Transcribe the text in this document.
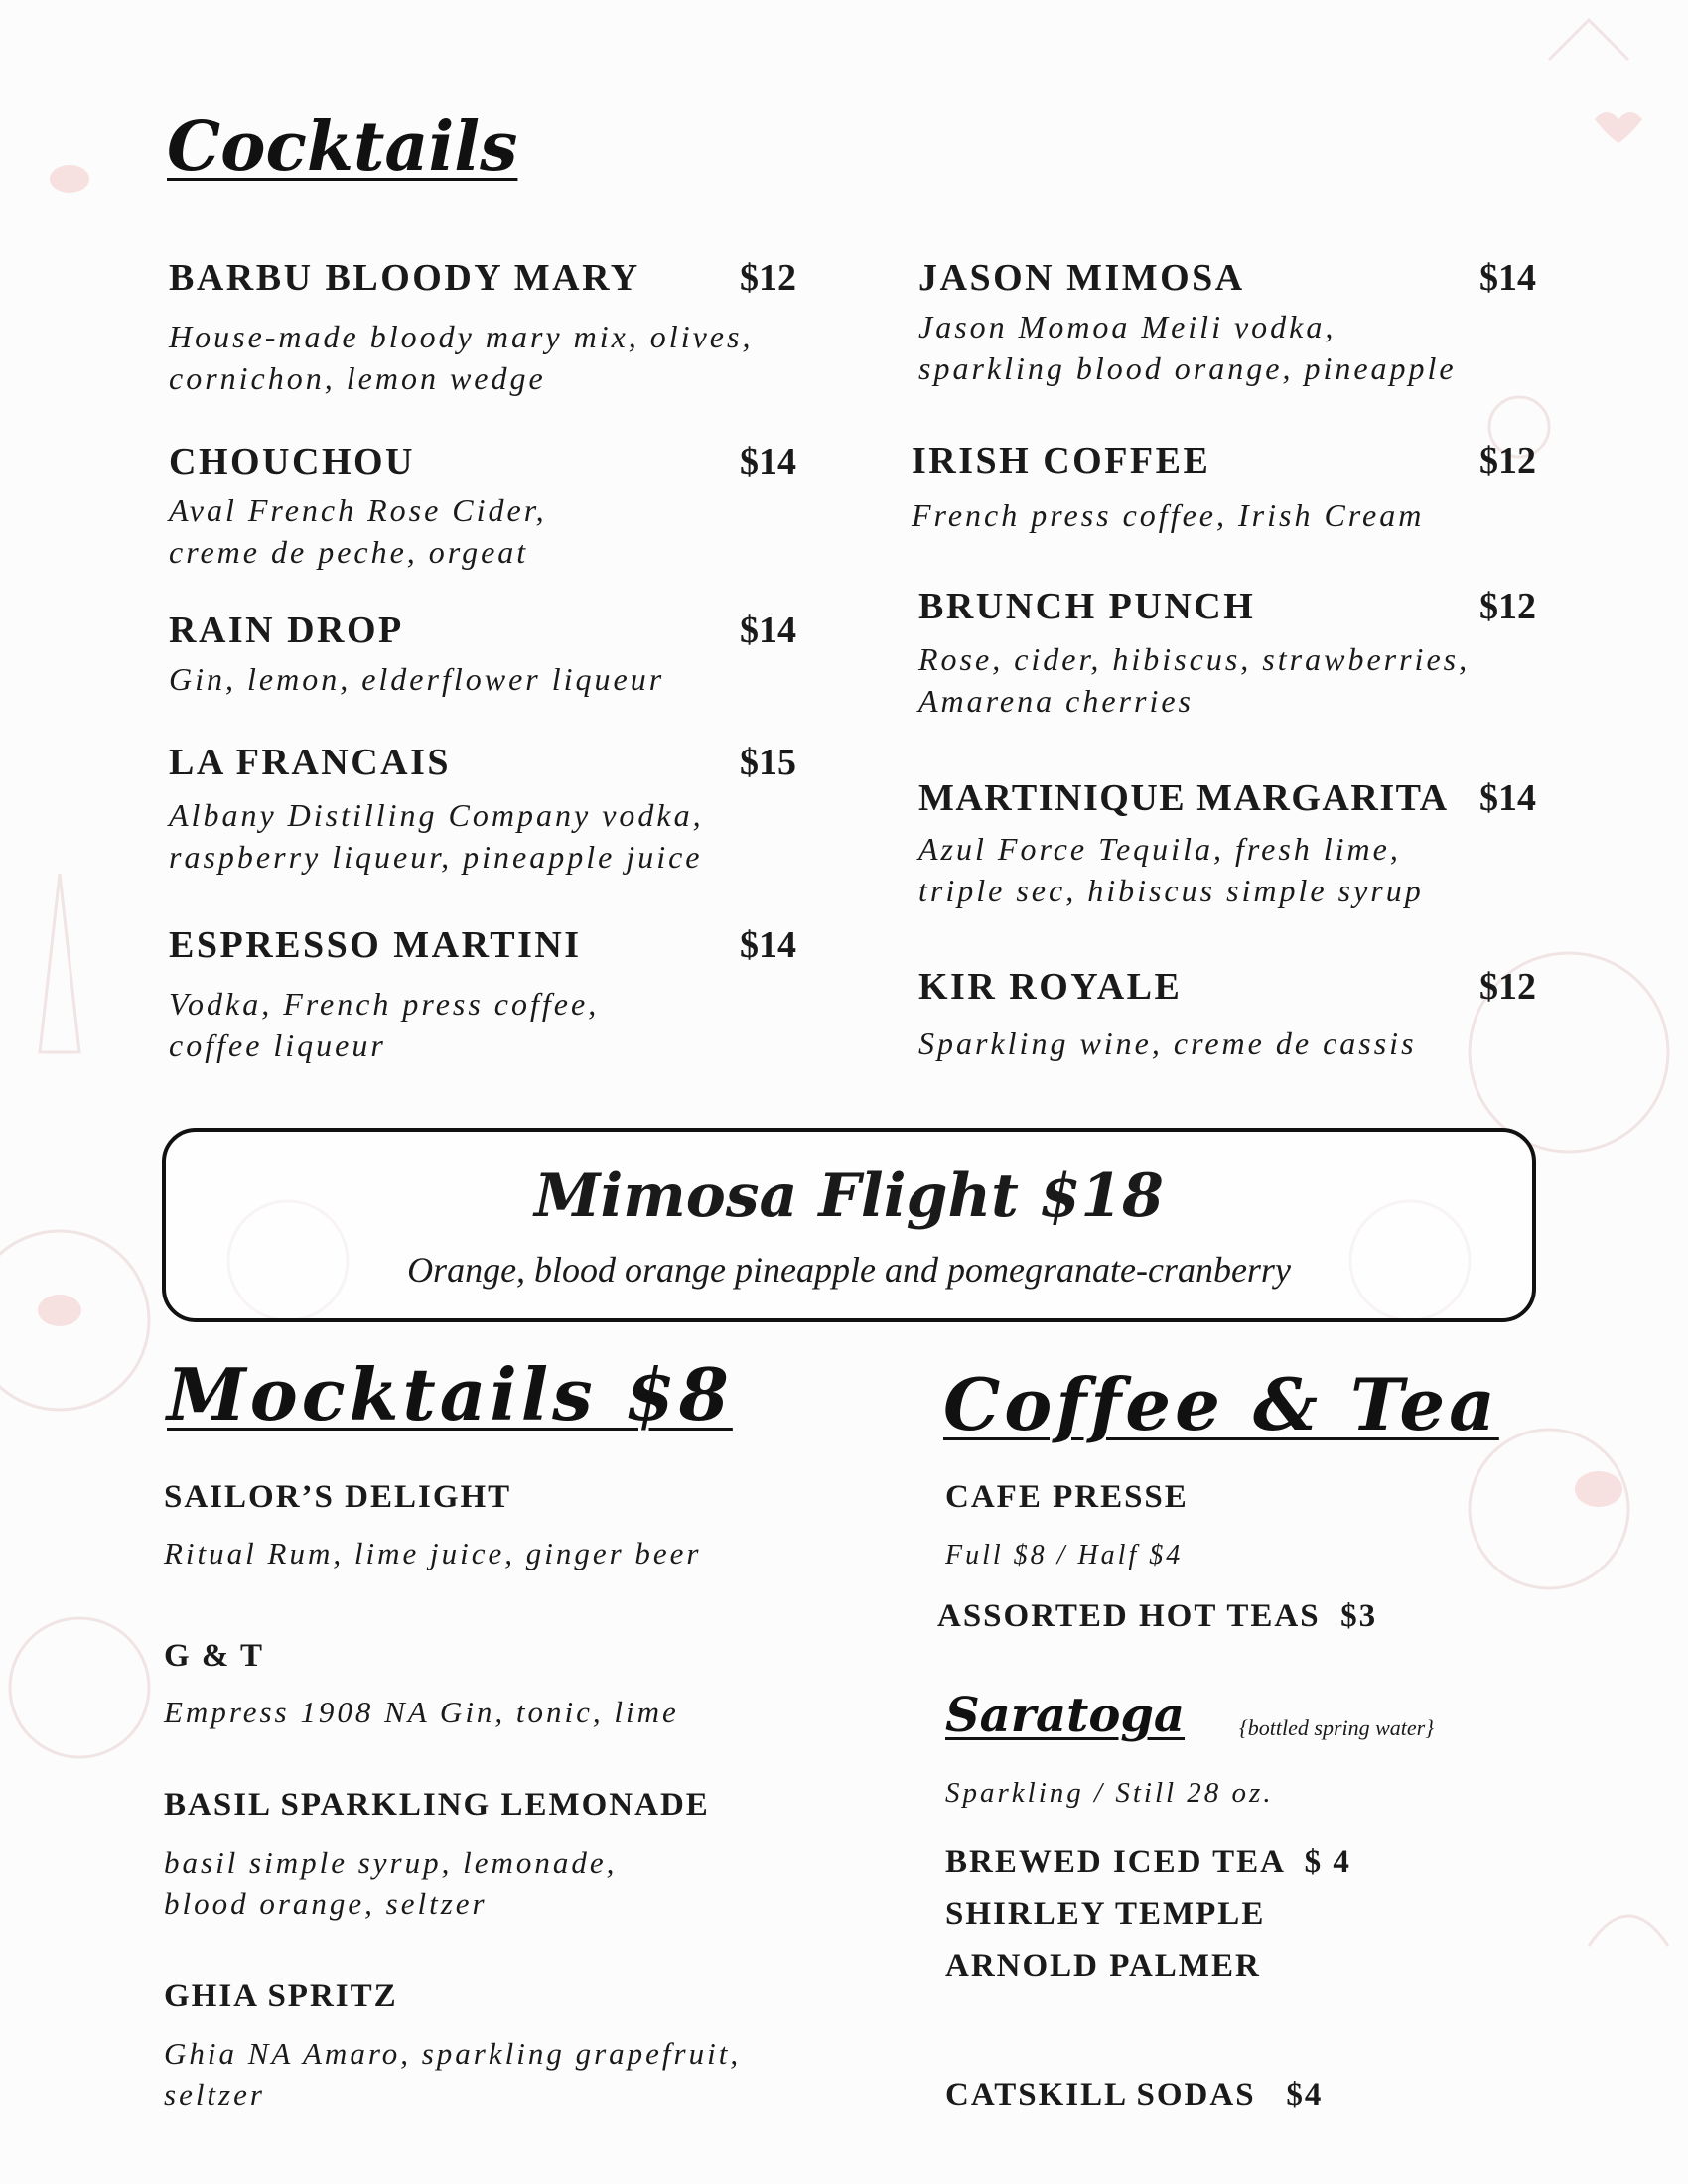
Cocktails
BARBU BLOODY MARY	$12
House-made bloody mary mix, olives,
cornichon, lemon wedge
CHOUCHOU	$14
Aval French Rose Cider,
creme de peche, orgeat
RAIN DROP	$14
Gin, lemon, elderflower liqueur
LA FRANCAIS	$15
Albany Distilling Company vodka,
raspberry liqueur, pineapple juice
ESPRESSO MARTINI	$14
Vodka, French press coffee,
coffee liqueur
JASON MIMOSA	$14
Jason Momoa Meili vodka,
sparkling blood orange, pineapple
IRISH COFFEE	$12
French press coffee, Irish Cream
BRUNCH PUNCH	$12
Rose, cider, hibiscus, strawberries,
Amarena cherries
MARTINIQUE MARGARITA $14
Azul Force Tequila, fresh lime,
triple sec, hibiscus simple syrup
KIR ROYALE	$12
Sparkling wine, creme de cassis
Mimosa Flight $18
Orange, blood orange pineapple and pomegranate-cranberry
Mocktails $8
SAILOR’S DELIGHT
Ritual Rum, lime juice, ginger beer
G & T
Empress 1908 NA Gin, tonic, lime
BASIL SPARKLING LEMONADE
basil simple syrup, lemonade,
blood orange, seltzer
GHIA SPRITZ
Ghia NA Amaro, sparkling grapefruit,
seltzer
Coffee & Tea
CAFE PRESSE
Full $8 / Half $4
ASSORTED HOT TEAS  $3
Saratoga {bottled spring water}
Sparkling / Still 28 oz.
BREWED ICED TEA  $ 4
SHIRLEY TEMPLE
ARNOLD PALMER
CATSKILL SODAS   $4
